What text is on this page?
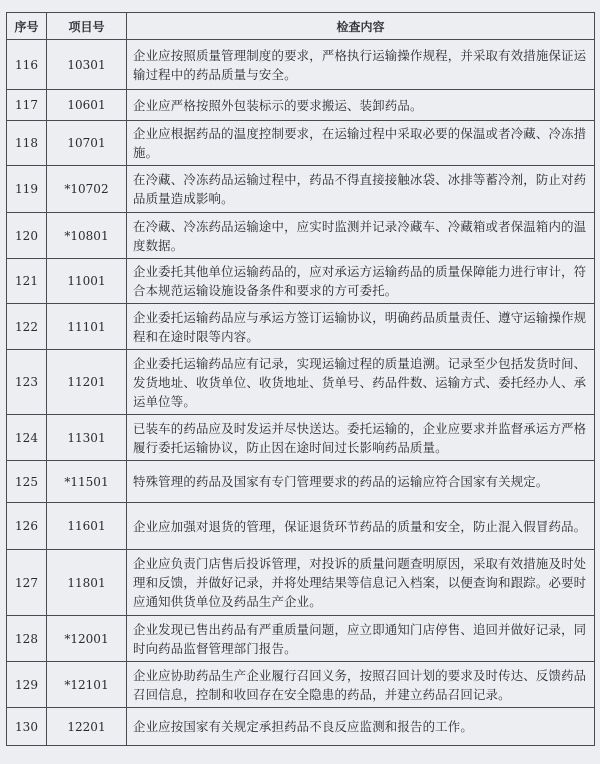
序号	项目号	检查内容
116	10301	企业应按照质量管理制度的要求，严格执行运输操作规程，并采取有效措施保证运输过程中的药品质量与安全。
117	10601	企业应严格按照外包装标示的要求搬运、装卸药品。
118	10701	企业应根据药品的温度控制要求，在运输过程中采取必要的保温或者冷藏、冷冻措施。
119	*10702	在冷藏、冷冻药品运输过程中，药品不得直接接触冰袋、冰排等蓄冷剂，防止对药品质量造成影响。
120	*10801	在冷藏、冷冻药品运输途中，应实时监测并记录冷藏车、冷藏箱或者保温箱内的温度数据。
121	11001	企业委托其他单位运输药品的，应对承运方运输药品的质量保障能力进行审计，符合本规范运输设施设备条件和要求的方可委托。
122	11101	企业委托运输药品应与承运方签订运输协议，明确药品质量责任、遵守运输操作规程和在途时限等内容。
123	11201	企业委托运输药品应有记录，实现运输过程的质量追溯。记录至少包括发货时间、发货地址、收货单位、收货地址、货单号、药品件数、运输方式、委托经办人、承运单位等。
124	11301	已装车的药品应及时发运并尽快送达。委托运输的，企业应要求并监督承运方严格履行委托运输协议，防止因在途时间过长影响药品质量。
125	*11501	特殊管理的药品及国家有专门管理要求的药品的运输应符合国家有关规定。
126	11601	企业应加强对退货的管理，保证退货环节药品的质量和安全，防止混入假冒药品。
127	11801	企业应负责门店售后投诉管理，对投诉的质量问题查明原因，采取有效措施及时处理和反馈，并做好记录，并将处理结果等信息记入档案，以便查询和跟踪。必要时应通知供货单位及药品生产企业。
128	*12001	企业发现已售出药品有严重质量问题，应立即通知门店停售、追回并做好记录，同时向药品监督管理部门报告。
129	*12101	企业应协助药品生产企业履行召回义务，按照召回计划的要求及时传达、反馈药品召回信息，控制和收回存在安全隐患的药品，并建立药品召回记录。
130	12201	企业应按国家有关规定承担药品不良反应监测和报告的工作。
